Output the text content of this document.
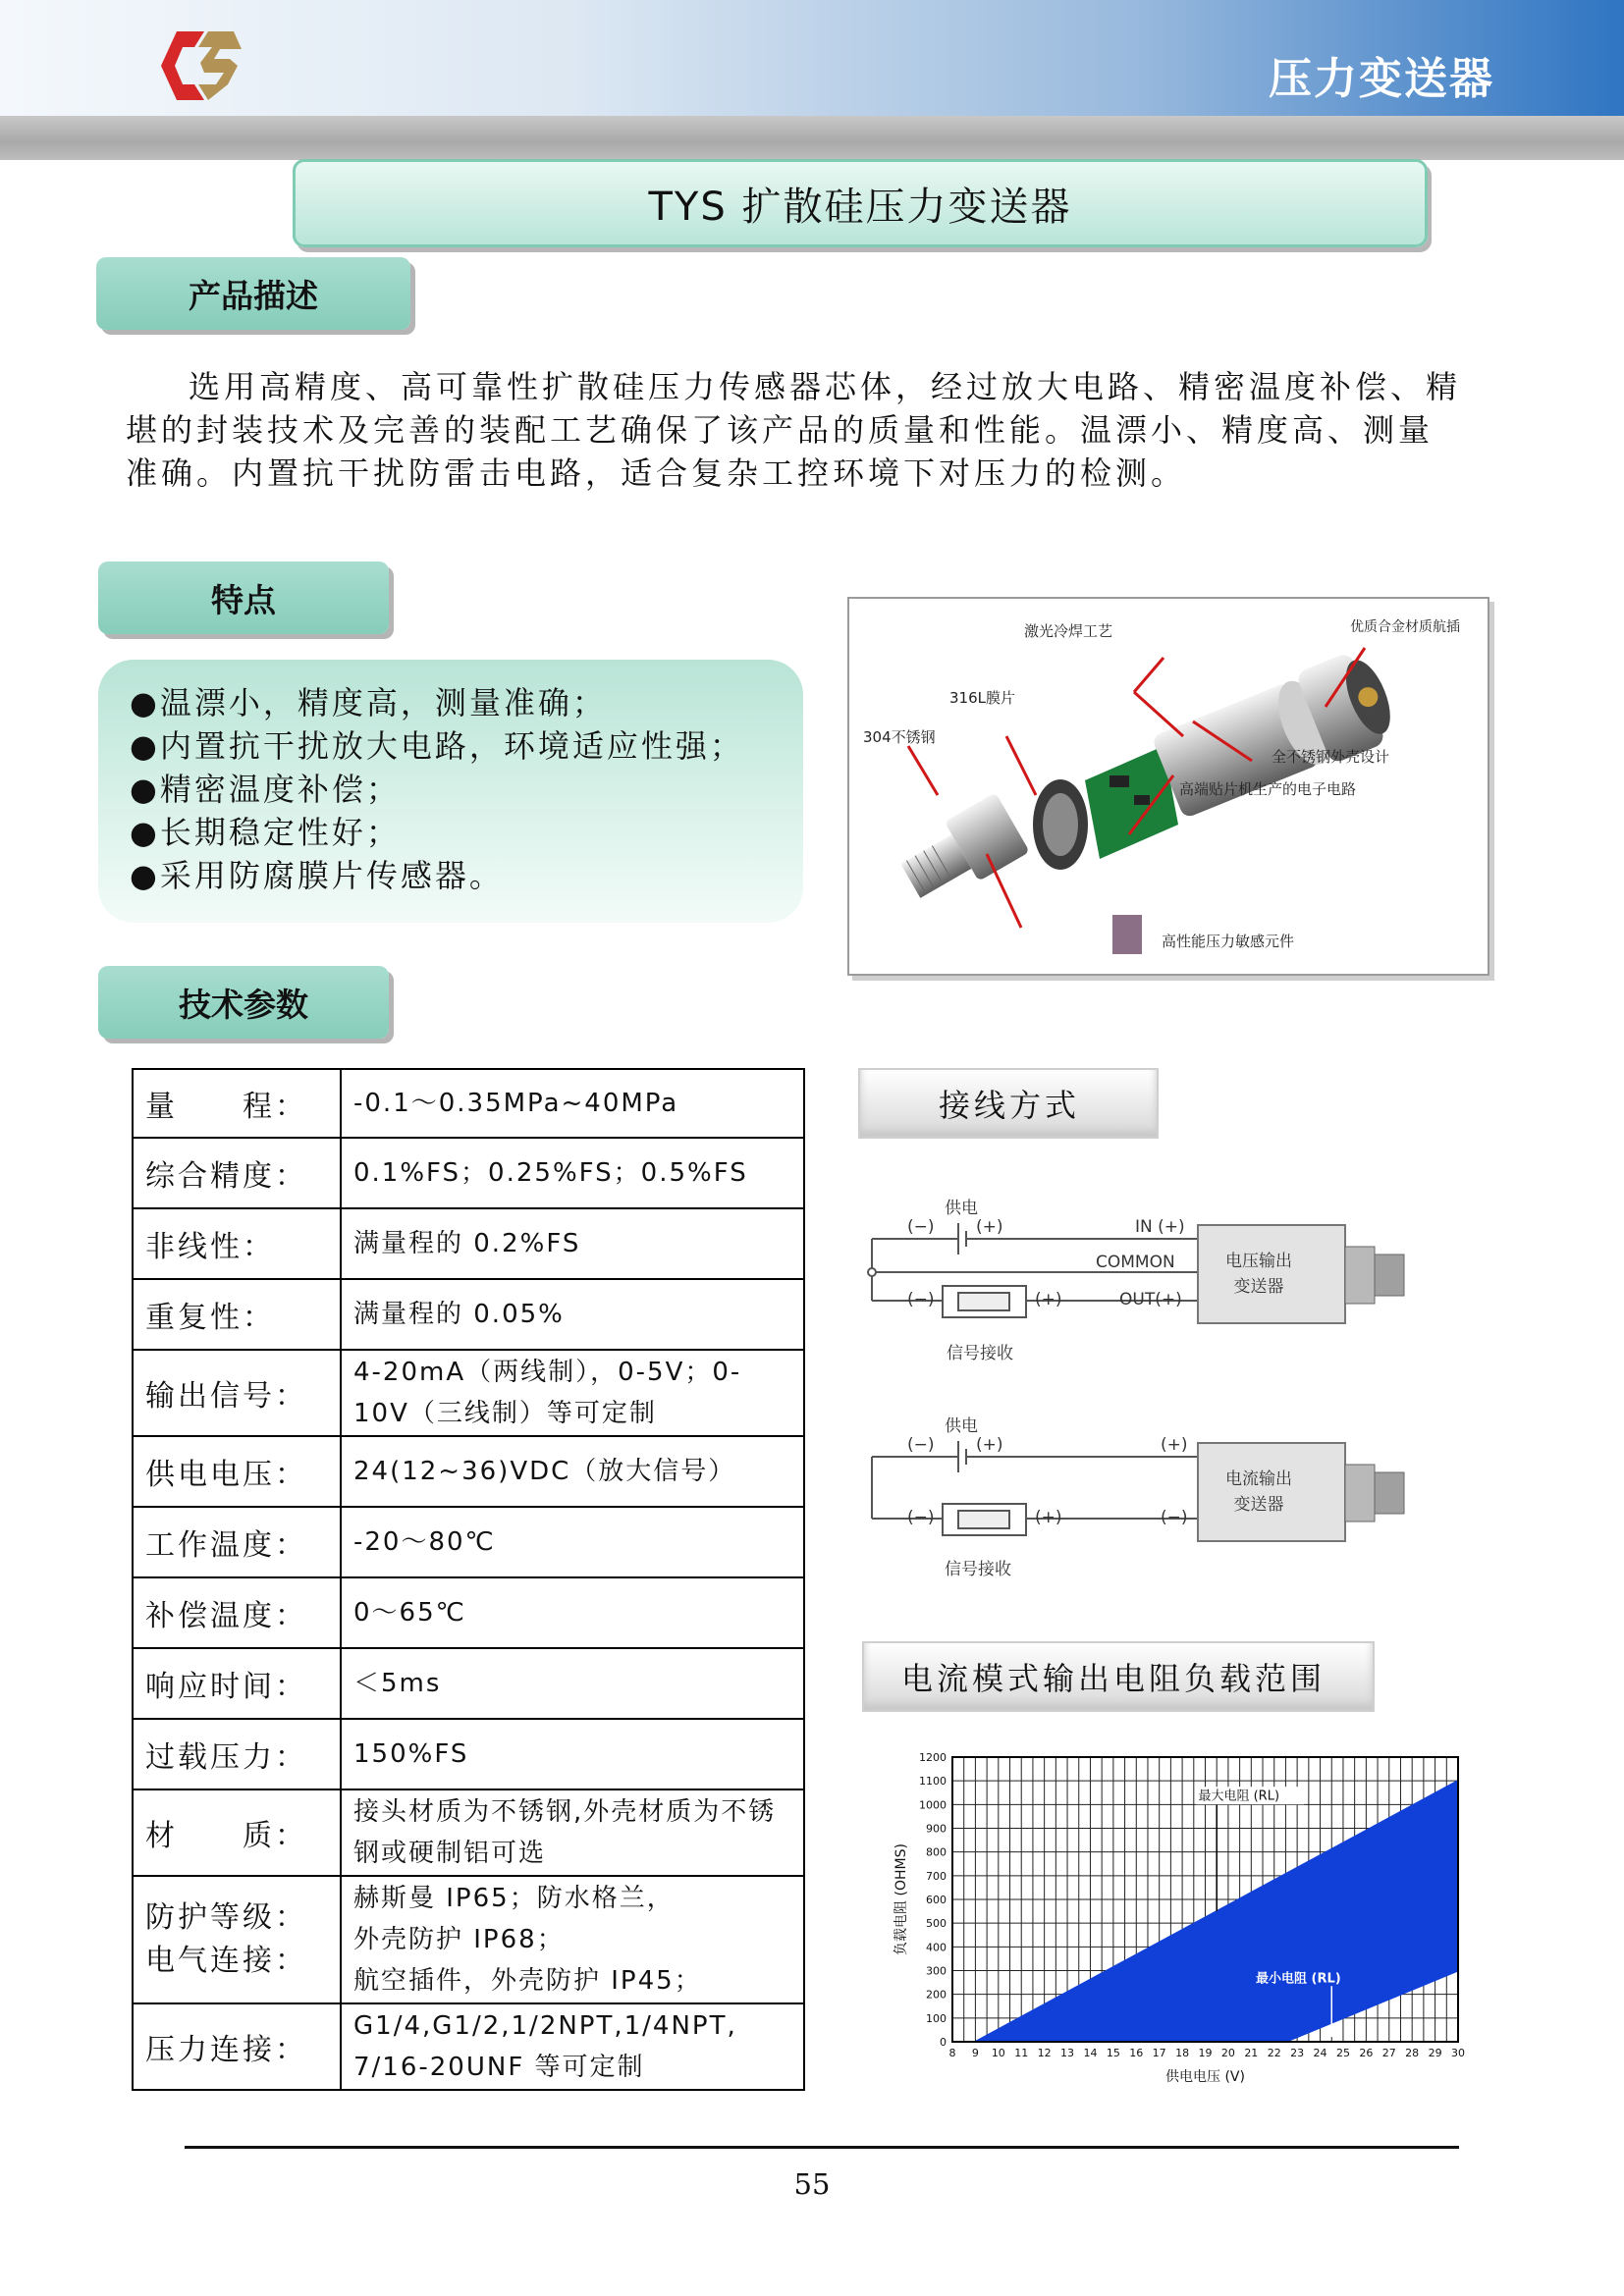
压力变送器
TYS 扩散硅压力变送器
产品描述

选用高精度、高可靠性扩散硅压力传感器芯体，经过放大电路、精密温度补偿、精堪的封装技术及完善的装配工艺确保了该产品的质量和性能。温漂小、精度高、测量准确。内置抗干扰防雷击电路，适合复杂工控环境下对压力的检测。

特点
●温漂小，精度高，测量准确；
●内置抗干扰放大电路，环境适应性强；
●精密温度补偿；
●长期稳定性好；
●采用防腐膜片传感器。
激光冷焊工艺	优质合金材质航插
316L膜片
304不锈钢
全不锈钢外壳设计
高端贴片机生产的电子电路
高性能压力敏感元件
技术参数
量　　程：	-0.1～0.35MPa~40MPa
综合精度：	0.1%FS；0.25%FS；0.5%FS
非线性：	满量程的 0.2%FS
重复性：	满量程的 0.05%
输出信号：	4-20mA（两线制），0-5V；0-10V（三线制）等可定制
供电电压：	24(12~36)VDC（放大信号）
工作温度：	-20～80℃
补偿温度：	0～65℃
响应时间：	＜5ms
过载压力：	150%FS
材　　质：	接头材质为不锈钢,外壳材质为不锈钢或硬制铝可选
防护等级：
电气连接：	赫斯曼 IP65；防水格兰，
外壳防护 IP68；
航空插件，外壳防护 IP45；
压力连接：	G1/4,G1/2,1/2NPT,1/4NPT,
7/16-20UNF 等可定制
接线方式
供电
(−) (+)	IN (+)
COMMON
(−)	(+)	OUT(+)
电压输出
变送器
信号接收
供电
(−) (+)	(+)
(−)	(+)	(−)
电流输出
变送器
信号接收
电流模式输出电阻负载范围
8 9 10 11 12 13 14 15 16 17 18 19 20 21 22 23 24 25 26 27 28 29 30
0
100
200
300
400
500
600
700
800
900
1000
1100
1200
供电电压 (V)
负载电阻 (OHMS)
最大电阻 (RL)
最小电阻 (RL)
55
